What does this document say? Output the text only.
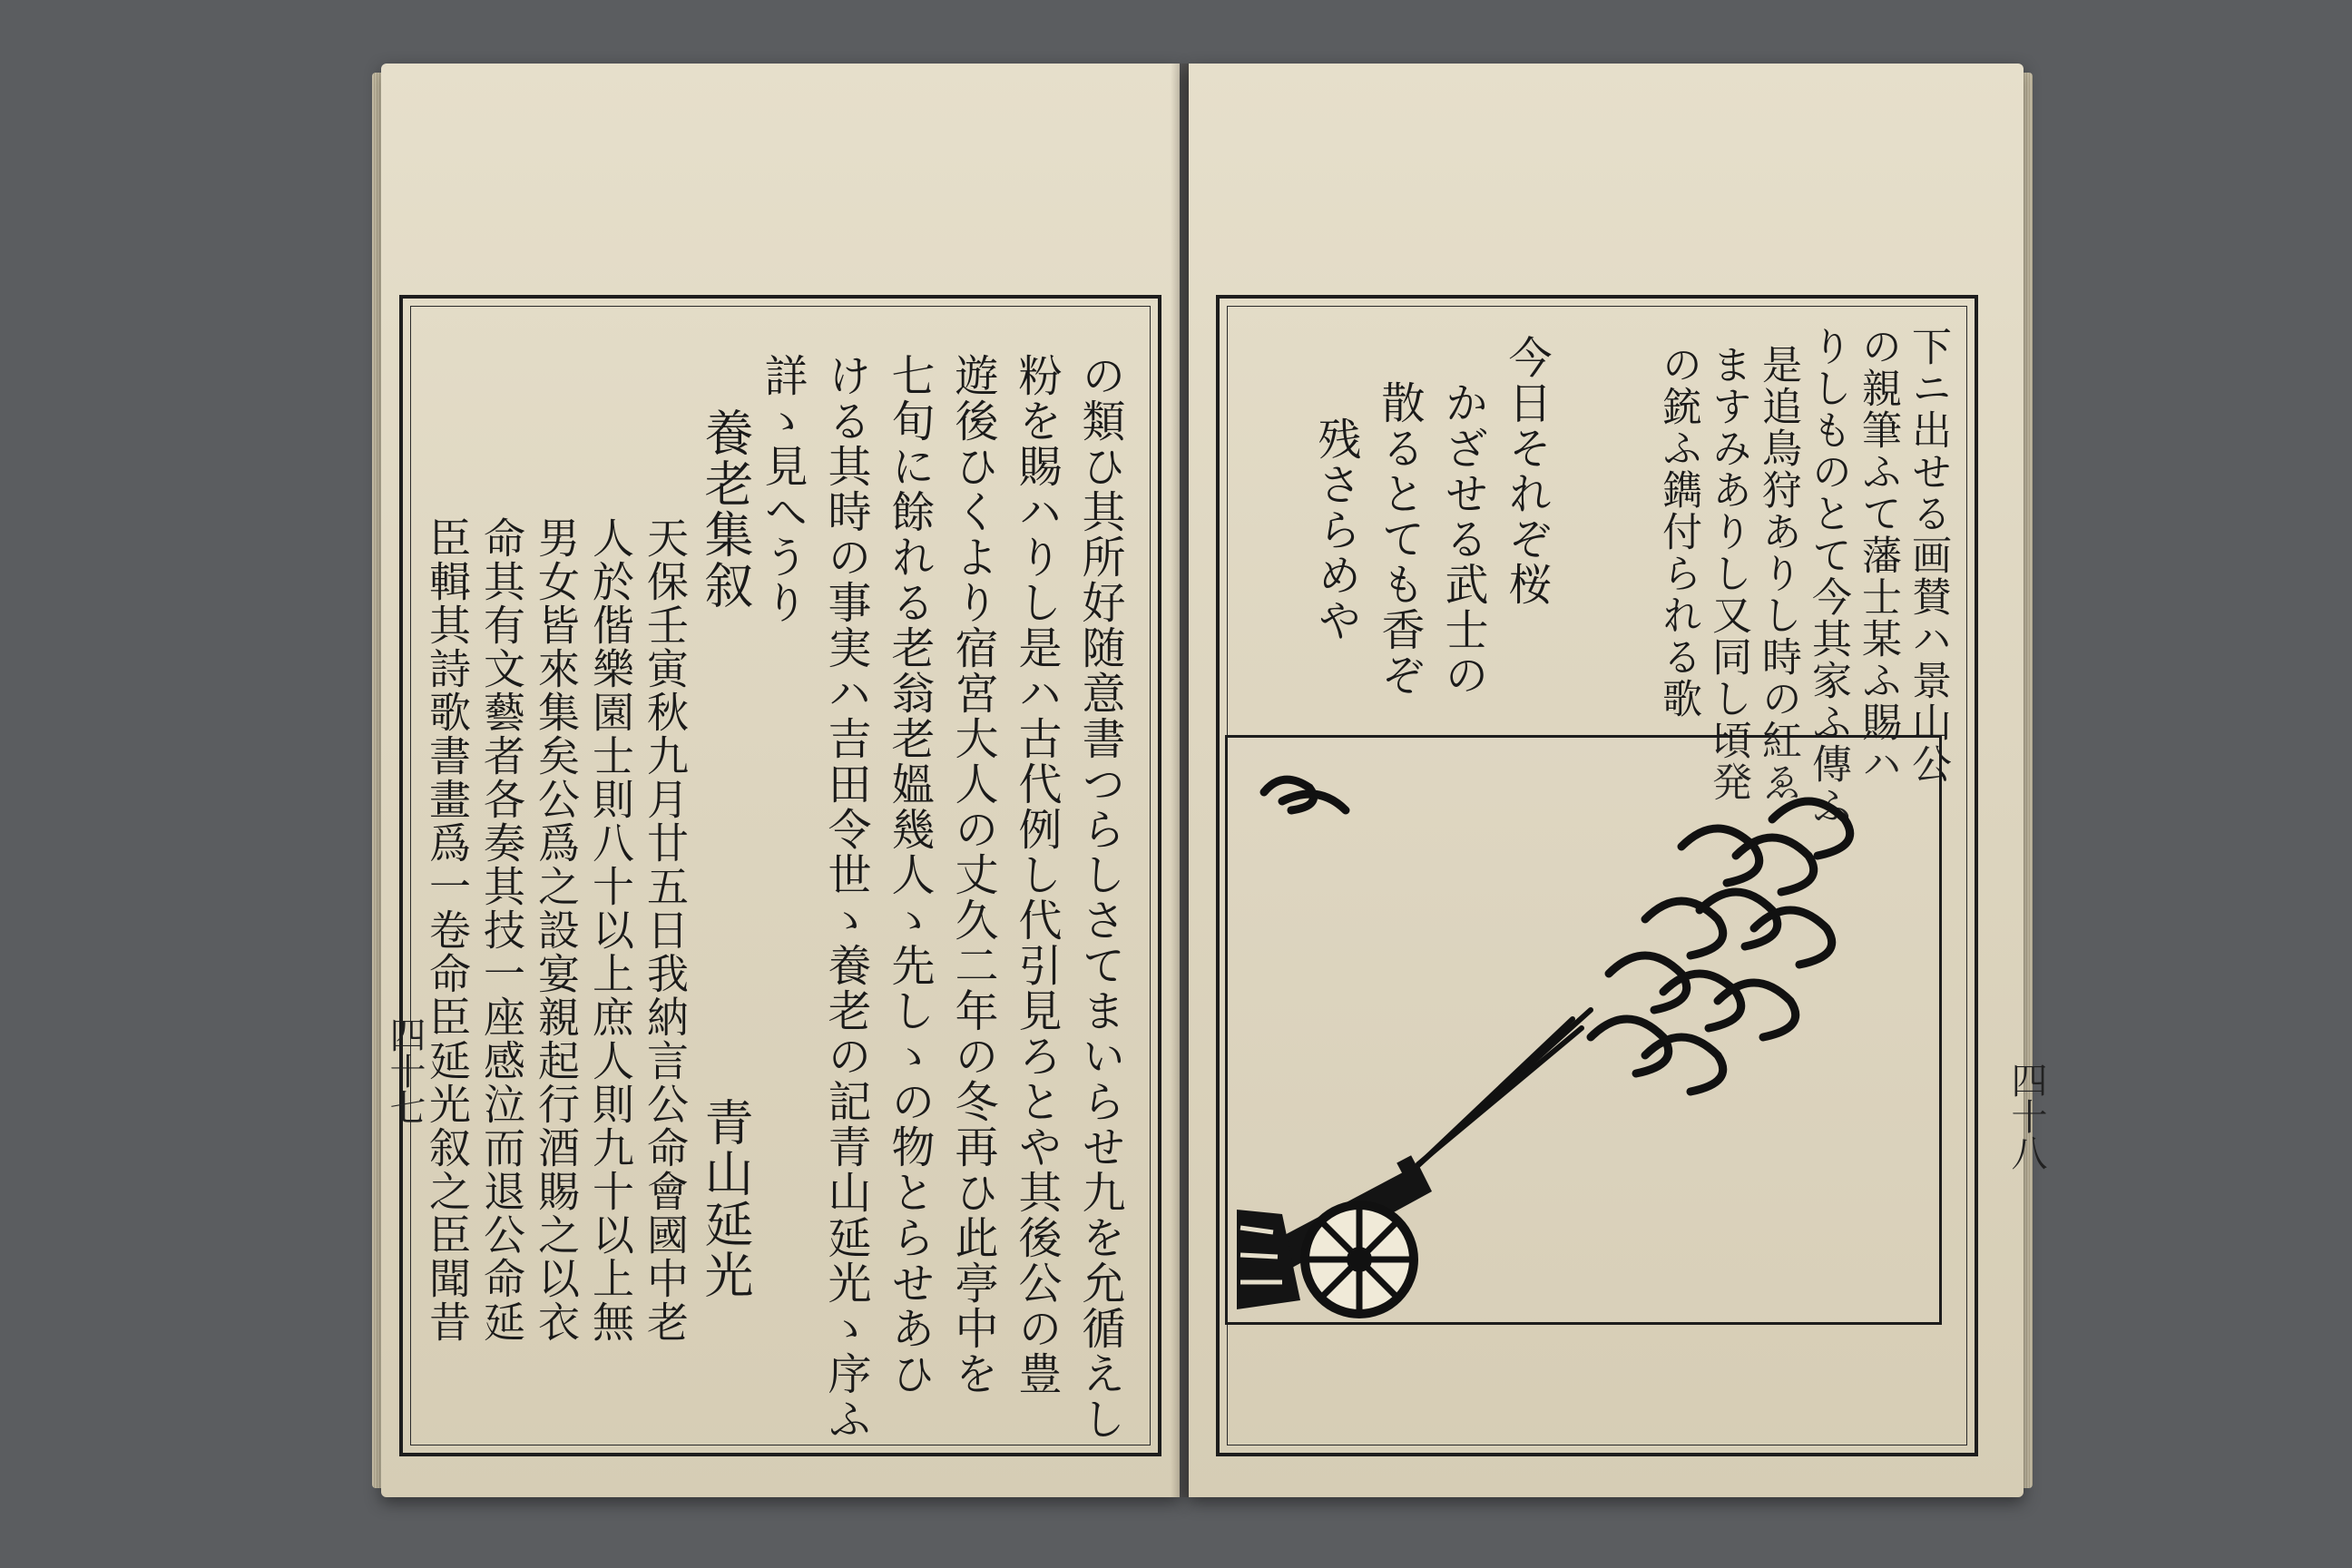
の類ひ其所好随意書つらしさてまいらせ九を允循えし
粉を賜ハりし是ハ古代例し代引見ろとや其後公の豊
遊後ひくより宿宮大人の丈久二年の冬再ひ此亭中を
七旬に餘れる老翁老媼幾人ゝ先しゝの物とらせあひ
ける其時の事実ハ吉田令世ゝ養老の記青山延光ゝ序ふ
詳ゝ見へうり
養老集叙
青山延光
天保壬寅秋九月廿五日我納言公命會國中老
人於偕樂園士則八十以上庶人則九十以上無
男女皆來集矣公爲之設宴親起行酒賜之以衣
命其有文藝者各奏其技一座感泣而退公命延
臣輯其詩歌書畫爲一卷命臣延光叙之臣聞昔
四十七
下ニ出せる画賛ハ景山公
の親筆ふて藩士某ふ賜ハ
りしものとて今其家ふ傳ふ
是追鳥狩ありし時の紅ゑ
ますみありし又同し頃発
の銃ふ鐫付られる歌
今日それぞ桜
かざせる武士の
散るとても香ぞ
残さらめや
四十八
